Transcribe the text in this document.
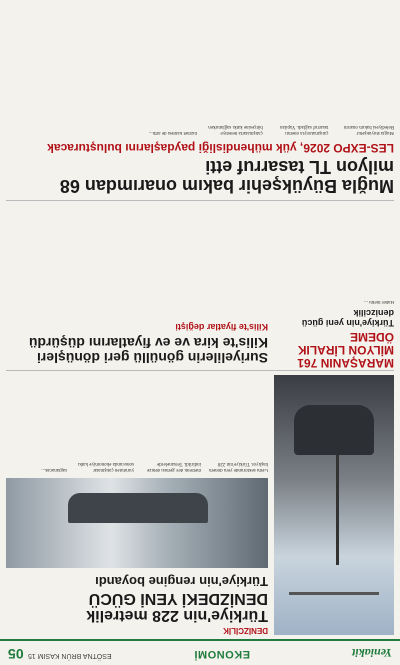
Yeniakit
EKONOMİ
ESÖTNA BRÜN KASIM 15
05
MARAŞANIN 761 MİLYON LİRALIK ÖDEME
Türkiye'nin yeni gücü denizcilik
Haber metni ...
DENİZCİLİK
Türkiye'nin 228 metrelik DENİZDEKİ YENİ GÜCÜ
Türkiye'nin rengine boyandı
Gemi sektöründe yeni dönem başlıyor. Türkiye'nin 228 metrelik dev gemisi denize indirildi. Tersanelerde yürütülen çalışmalar sonucunda ekonomiye katkı sağlanacak...
Suriyelilerin gönüllü geri dönüşleri Kilis'te kira ve ev fiyatlarını düşürdü
Kilis'te fiyatlar değişti
Muğla Büyükşehir bakım onarımdan 68 milyon TL tasarruf etti
LES-EXPO 2026, yük mühendisliği paydaşlarını buluşturacak
Muğla Büyükşehir Belediyesi bakım onarım çalışmalarıyla önemli tasarruf sağladı. Yapılan çalışmalarla belediye bütçesine katkı sağlanırken hizmet kalitesi de arttı...
